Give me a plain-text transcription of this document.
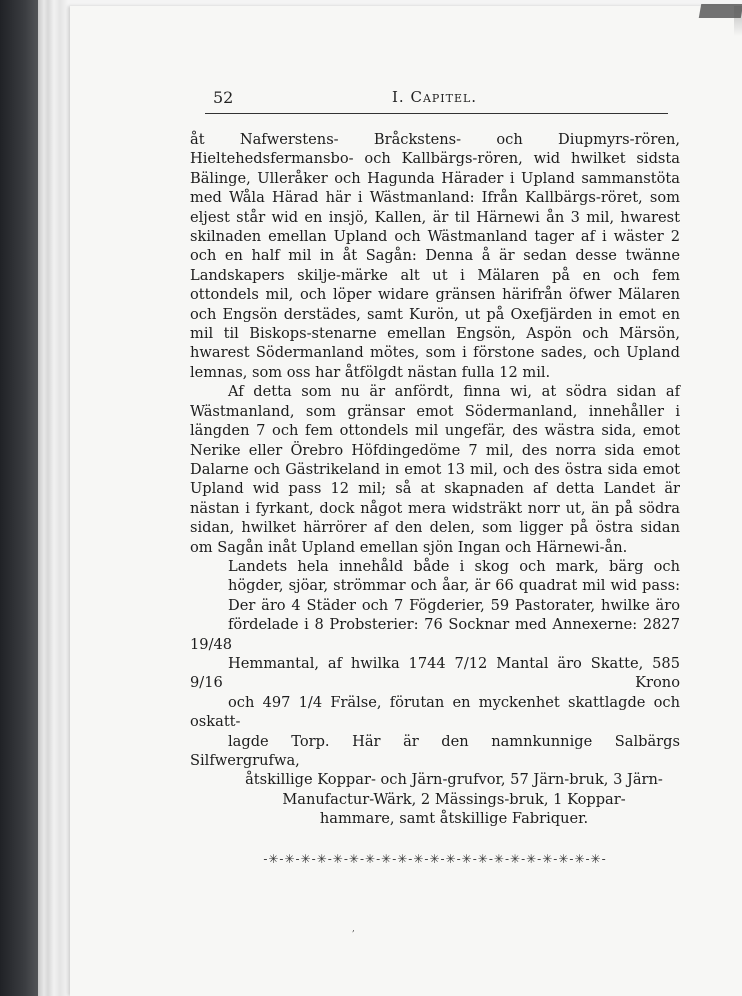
52	I. Capitel.

åt Nafwerstens- Bråckstens- och Diupmyrs-rören, Hieltehedsfermansbo- och Kallbärgs-rören, wid hwilket sidsta Bälinge, Ulleråker och Hagunda Härader i Upland sammanstöta med Wåla Härad här i Wästmanland: Ifrån Kallbärgs-röret, som eljest står wid en insjö, Kallen, är til Härnewi ån 3 mil, hwarest skilnaden emellan Upland och Wästmanland tager af i wäster 2 och en half mil in åt Sagån: Denna å är sedan desse twänne Landskapers skilje-märke alt ut i Mälaren på en och fem ottondels mil, och löper widare gränsen härifrån öfwer Mälaren och Engsön derstädes, samt Kurön, ut på Oxefjärden in emot en mil til Biskops-stenarne emellan Engsön, Aspön och Märsön, hwarest Södermanland mötes, som i förstone sades, och Upland lemnas, som oss har åtfölgdt nästan fulla 12 mil.

Af detta som nu är anfördt, finna wi, at södra sidan af Wästmanland, som gränsar emot Södermanland, innehåller i längden 7 och fem ottondels mil ungefär, des wästra sida, emot Nerike eller Örebro Höfdingedöme 7 mil, des norra sida emot Dalarne och Gästrikeland in emot 13 mil, och des östra sida emot Upland wid pass 12 mil; så at skapnaden af detta Landet är nästan i fyrkant, dock något mera widsträkt norr ut, än på södra sidan, hwilket härrörer af den delen, som ligger på östra sidan om Sagån inåt Upland emellan sjön Ingan och Härnewi-ån.

Landets hela innehåld både i skog och mark, bärg och
högder, sjöar, strömmar och åar, är 66 quadrat mil wid pass:
Der äro 4 Städer och 7 Fögderier, 59 Pastorater, hwilke äro
fördelade i 8 Probsterier: 76 Socknar med Annexerne: 2827 19/48
Hemmantal, af hwilka 1744 7/12 Mantal äro Skatte, 585 9/16 Krono
och 497 1/4 Frälse, förutan en myckenhet skattlagde och oskatt-
lagde Torp. Här är den namnkunnige Salbärgs Silfwergrufwa,
åtskillige Koppar- och Järn-grufvor, 57 Järn-bruk, 3 Järn-
Manufactur-Wärk, 2 Mässings-bruk, 1 Koppar-
hammare, samt åtskillige Fabriquer.

-✳-✳-✳-✳-✳-✳-✳-✳-✳-✳-✳-✳-✳-✳-✳-✳-✳-✳-✳-✳-✳-
,
